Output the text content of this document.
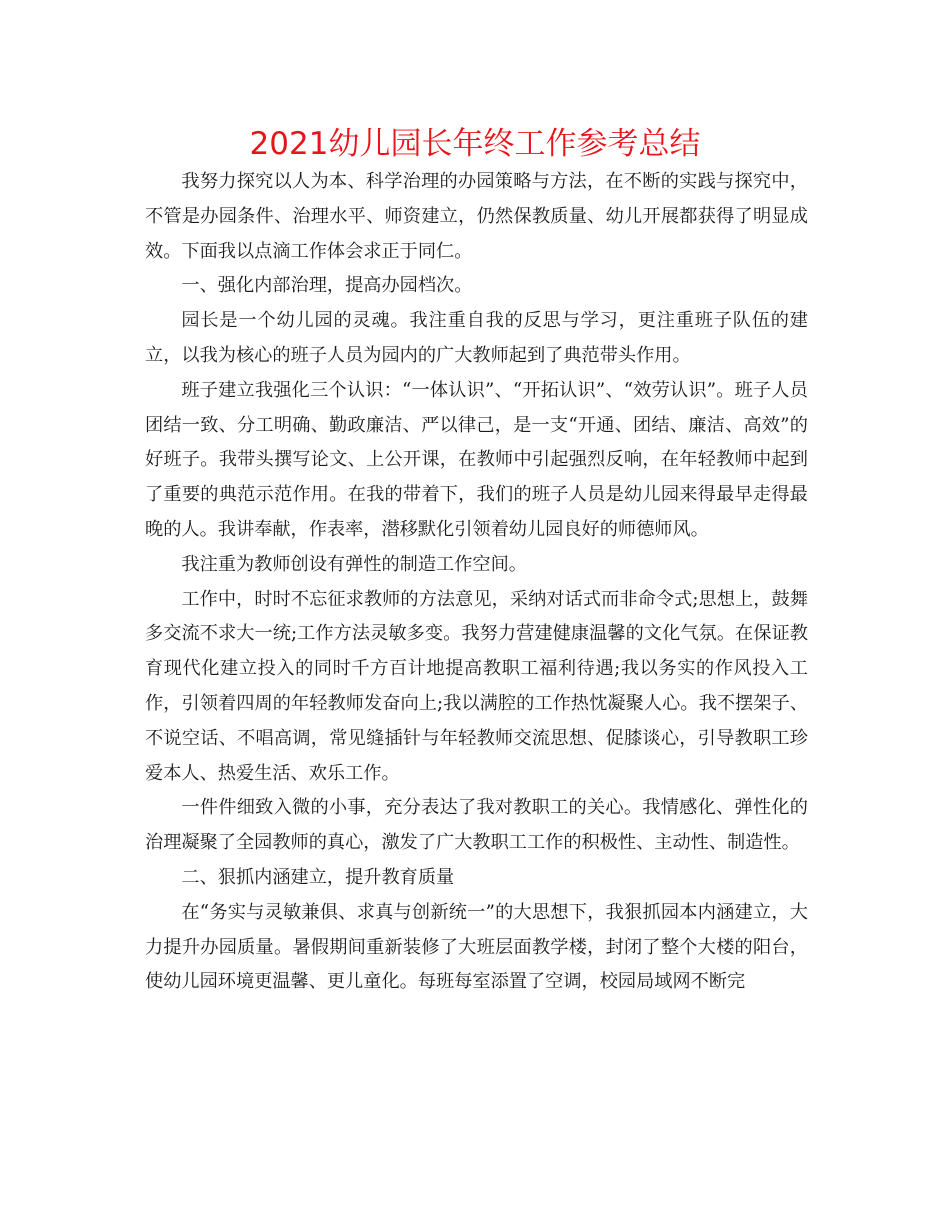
2021幼儿园长年终工作参考总结

我努力探究以人为本、科学治理的办园策略与方法，在不断的实践与探究中，不管是办园条件、治理水平、师资建立，仍然保教质量、幼儿开展都获得了明显成效。下面我以点滴工作体会求正于同仁。

一、强化内部治理，提高办园档次。

园长是一个幼儿园的灵魂。我注重自我的反思与学习，更注重班子队伍的建立，以我为核心的班子人员为园内的广大教师起到了典范带头作用。

班子建立我强化三个认识：“一体认识”、“开拓认识”、“效劳认识”。班子人员团结一致、分工明确、勤政廉洁、严以律己，是一支“开通、团结、廉洁、高效”的好班子。我带头撰写论文、上公开课，在教师中引起强烈反响，在年轻教师中起到了重要的典范示范作用。在我的带着下，我们的班子人员是幼儿园来得最早走得最晚的人。我讲奉献，作表率，潜移默化引领着幼儿园良好的师德师风。

我注重为教师创设有弹性的制造工作空间。

工作中，时时不忘征求教师的方法意见，采纳对话式而非命令式;思想上，鼓舞多交流不求大一统;工作方法灵敏多变。我努力营建健康温馨的文化气氛。在保证教育现代化建立投入的同时千方百计地提高教职工福利待遇;我以务实的作风投入工作，引领着四周的年轻教师发奋向上;我以满腔的工作热忱凝聚人心。我不摆架子、不说空话、不唱高调，常见缝插针与年轻教师交流思想、促膝谈心，引导教职工珍爱本人、热爱生活、欢乐工作。

一件件细致入微的小事，充分表达了我对教职工的关心。我情感化、弹性化的治理凝聚了全园教师的真心，激发了广大教职工工作的积极性、主动性、制造性。

二、狠抓内涵建立，提升教育质量

在“务实与灵敏兼俱、求真与创新统一”的大思想下，我狠抓园本内涵建立，大力提升办园质量。暑假期间重新装修了大班层面教学楼，封闭了整个大楼的阳台，使幼儿园环境更温馨、更儿童化。每班每室添置了空调，校园局域网不断完
